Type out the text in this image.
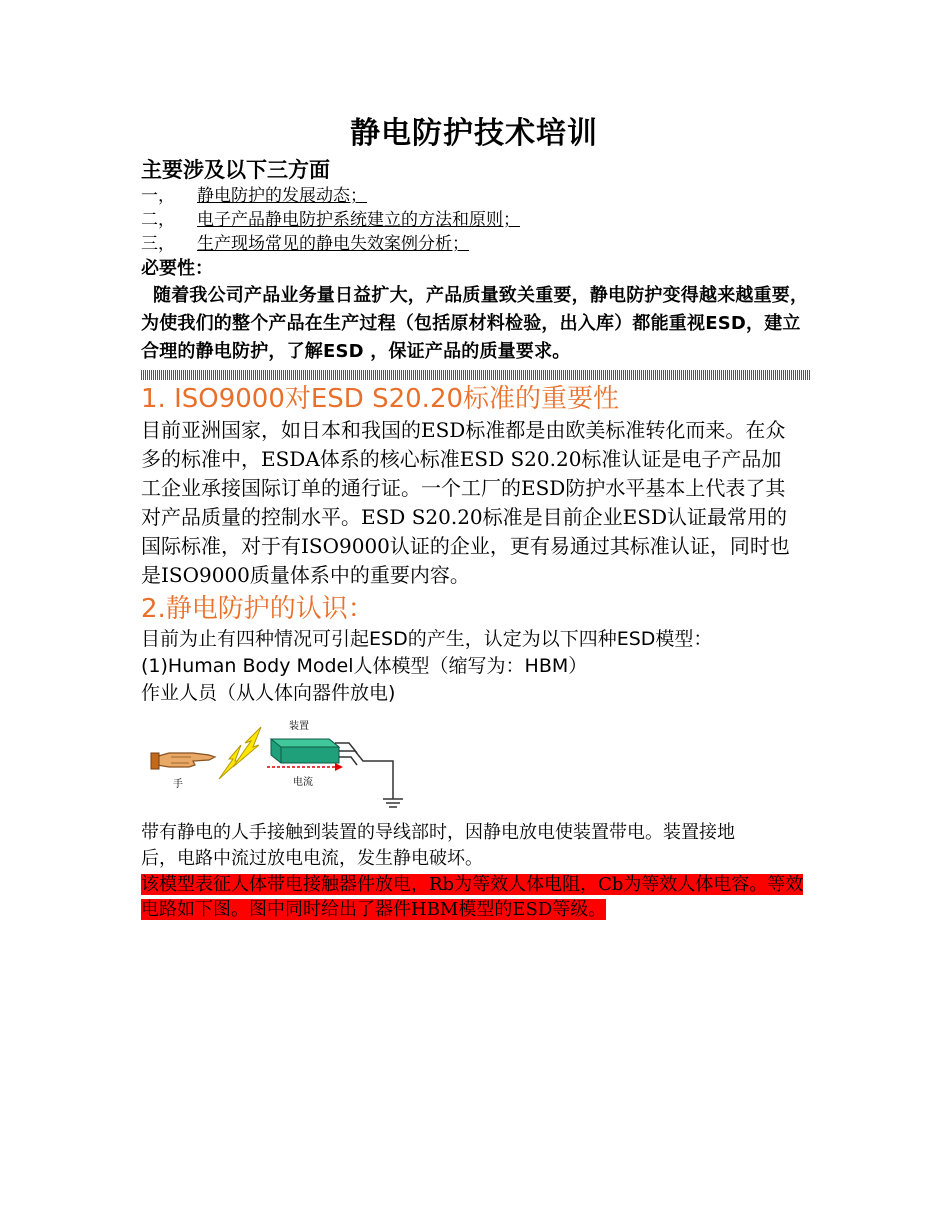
静电防护技术培训
主要涉及以下三方面
一，	静电防护的发展动态；
二，	电子产品静电防护系统建立的方法和原则；
三，	生产现场常见的静电失效案例分析；
必要性：
随着我公司产品业务量日益扩大，产品质量致关重要，静电防护变得越来越重要，为使我们的整个产品在生产过程（包括原材料检验，出入库）都能重视ESD，建立合理的静电防护，了解ESD ，保证产品的质量要求。
1. ISO9000对ESD S20.20标准的重要性
目前亚洲国家，如日本和我国的ESD标准都是由欧美标准转化而来。在众多的标准中，ESDA体系的核心标准ESD S20.20标准认证是电子产品加工企业承接国际订单的通行证。一个工厂的ESD防护水平基本上代表了其对产品质量的控制水平。ESD S20.20标准是目前企业ESD认证最常用的国际标准，对于有ISO9000认证的企业，更有易通过其标准认证，同时也是ISO9000质量体系中的重要内容。
2.静电防护的认识：
目前为止有四种情况可引起ESD的产生，认定为以下四种ESD模型：
(1)Human Body Model人体模型（缩写为：HBM）
作业人员（从人体向器件放电)
手
装置
电流
带有静电的人手接触到装置的导线部时，因静电放电使装置带电。装置接地后，电路中流过放电电流，发生静电破坏。
该模型表征人体带电接触器件放电，Rb为等效人体电阻，Cb为等效人体电容。等效电路如下图。图中同时给出了器件HBM模型的ESD等级。
